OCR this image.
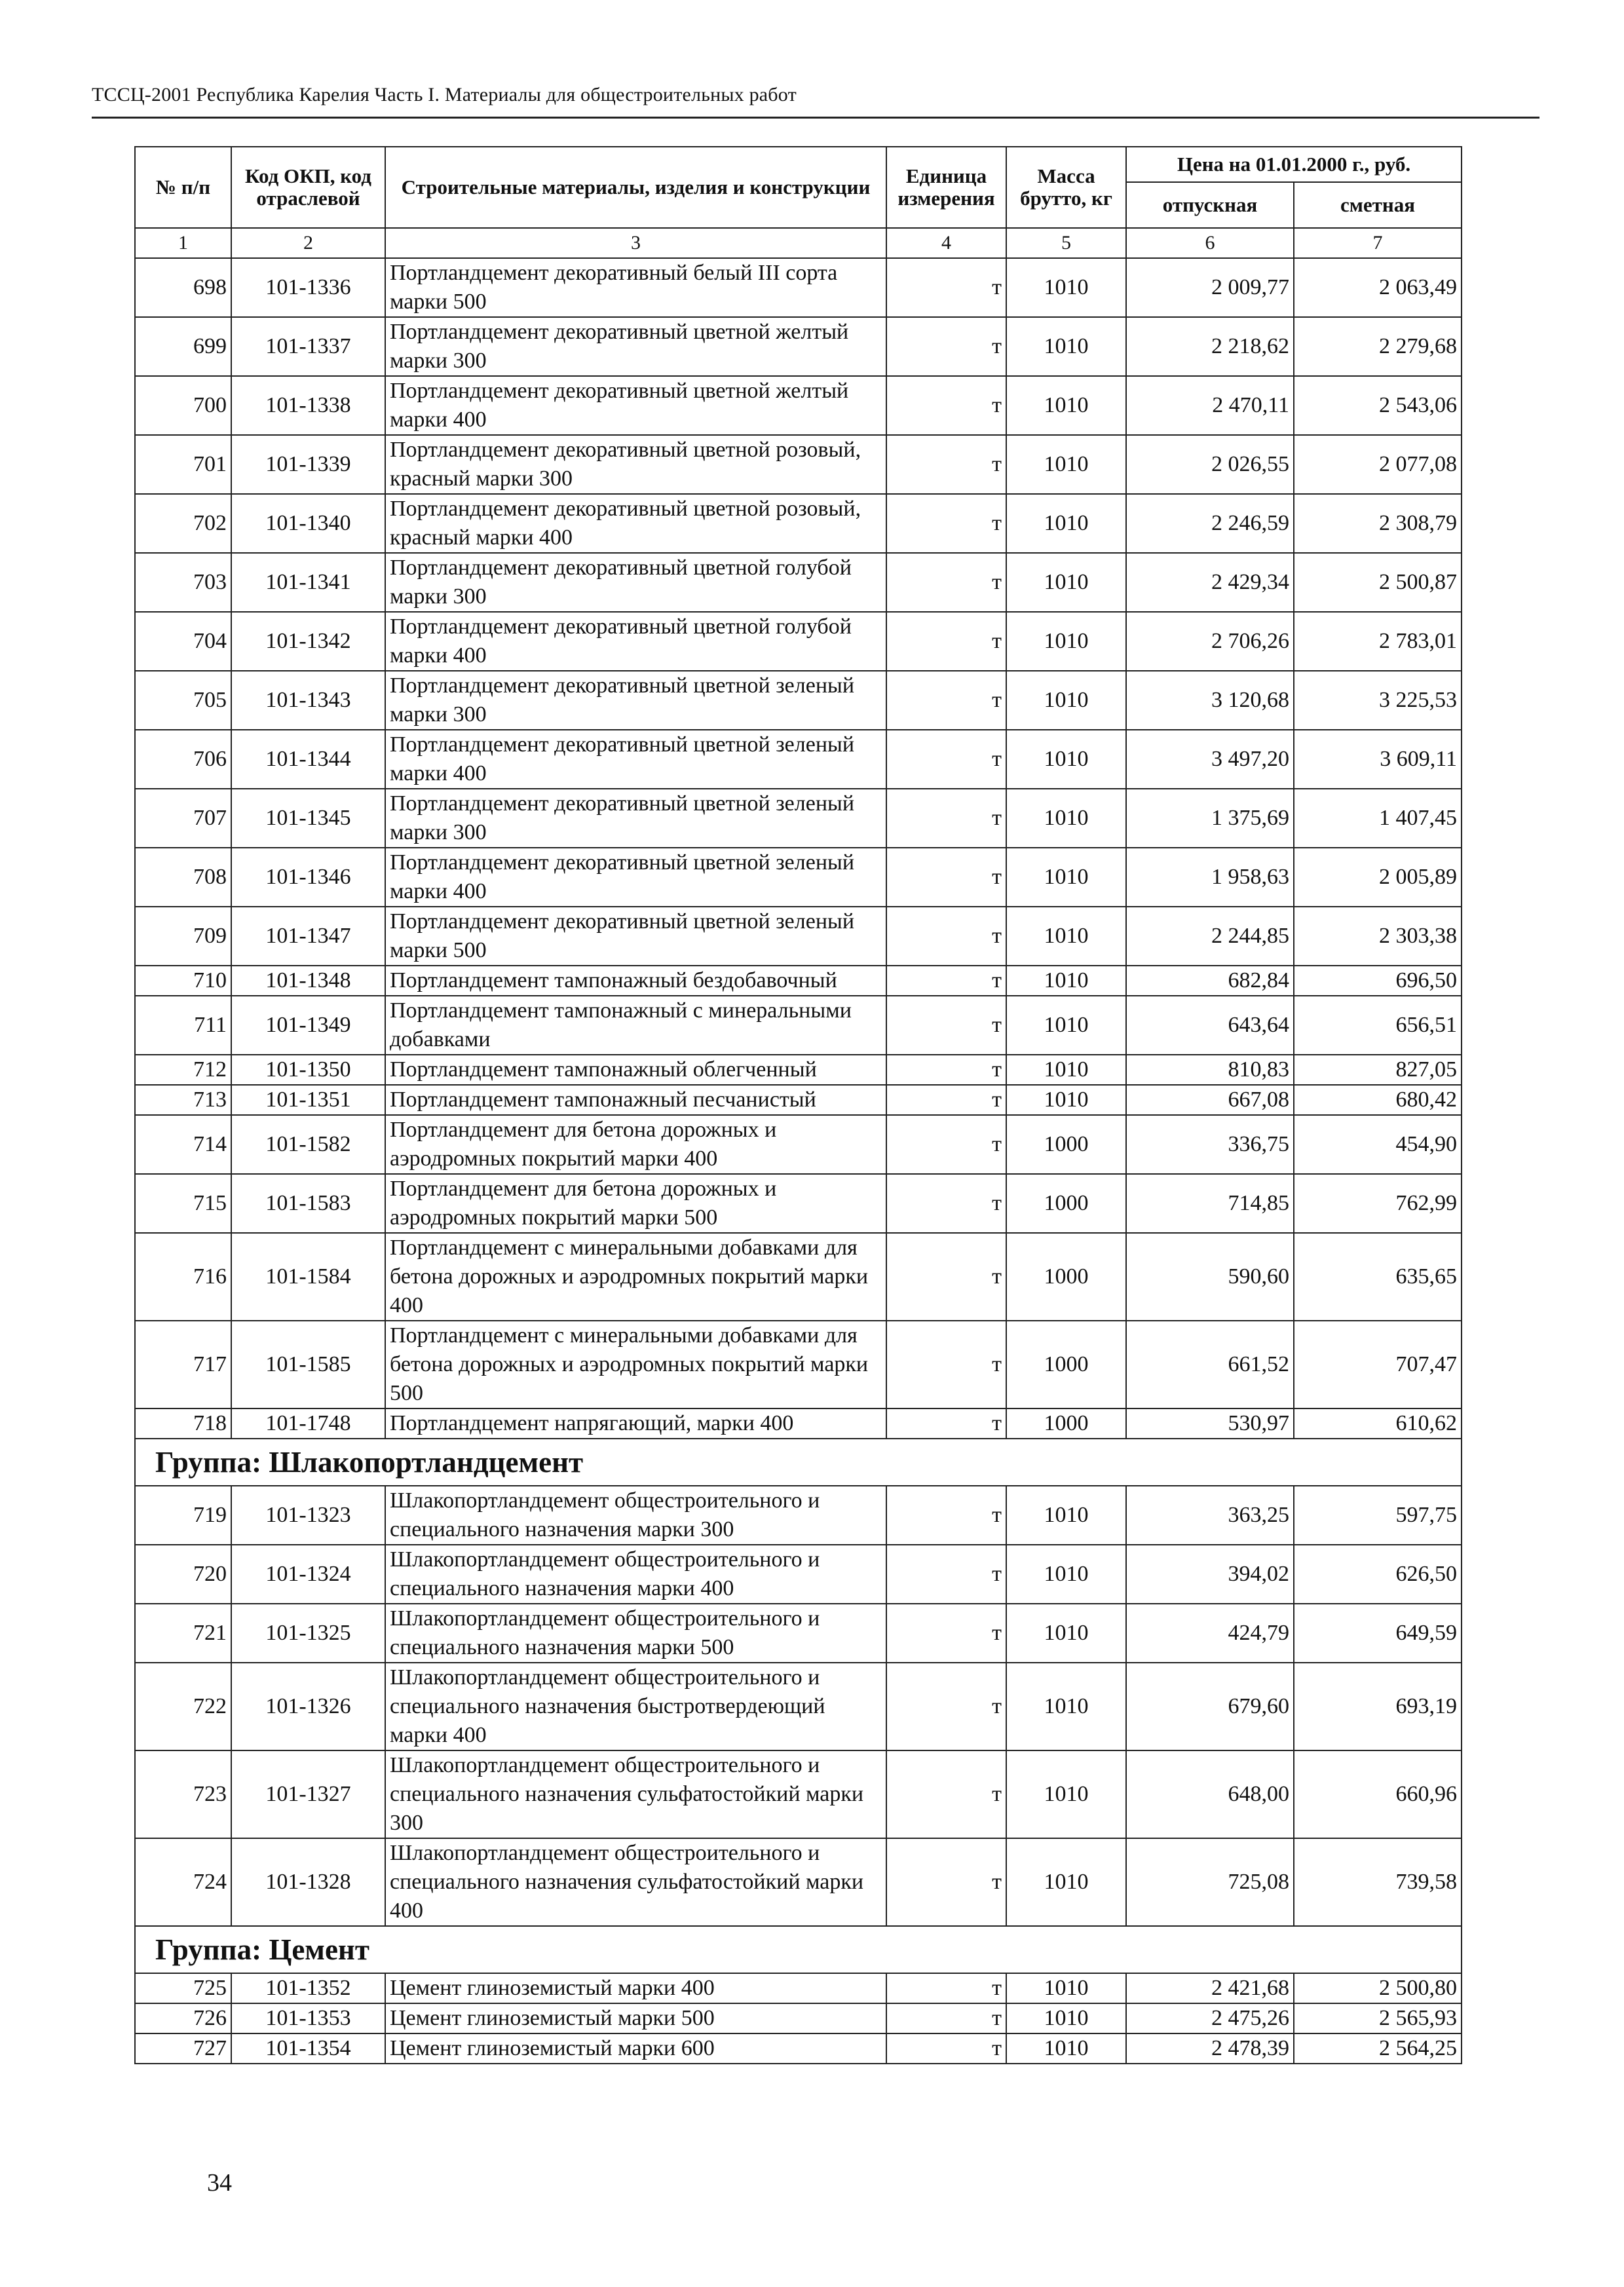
ТССЦ-2001 Республика Карелия Часть I. Материалы для общестроительных работ
№ п/п	Код ОКП, код отраслевой	Строительные материалы, изделия и конструкции	Единица измерения	Масса брутто, кг	Цена на 01.01.2000 г., руб.	
					отпускная	сметная
1	2	3	4	5	6	7
698	101-1336	Портландцемент декоративный белый III сорта марки 500	т	1010	2 009,77	2 063,49
699	101-1337	Портландцемент декоративный цветной желтый марки 300	т	1010	2 218,62	2 279,68
700	101-1338	Портландцемент декоративный цветной желтый марки 400	т	1010	2 470,11	2 543,06
701	101-1339	Портландцемент декоративный цветной розовый, красный марки 300	т	1010	2 026,55	2 077,08
702	101-1340	Портландцемент декоративный цветной розовый, красный марки 400	т	1010	2 246,59	2 308,79
703	101-1341	Портландцемент декоративный цветной голубой марки 300	т	1010	2 429,34	2 500,87
704	101-1342	Портландцемент декоративный цветной голубой марки 400	т	1010	2 706,26	2 783,01
705	101-1343	Портландцемент декоративный цветной зеленый марки 300	т	1010	3 120,68	3 225,53
706	101-1344	Портландцемент декоративный цветной зеленый марки 400	т	1010	3 497,20	3 609,11
707	101-1345	Портландцемент декоративный цветной зеленый марки 300	т	1010	1 375,69	1 407,45
708	101-1346	Портландцемент декоративный цветной зеленый марки 400	т	1010	1 958,63	2 005,89
709	101-1347	Портландцемент декоративный цветной зеленый марки 500	т	1010	2 244,85	2 303,38
710	101-1348	Портландцемент тампонажный бездобавочный	т	1010	682,84	696,50
711	101-1349	Портландцемент тампонажный с минеральными добавками	т	1010	643,64	656,51
712	101-1350	Портландцемент тампонажный облегченный	т	1010	810,83	827,05
713	101-1351	Портландцемент тампонажный песчанистый	т	1010	667,08	680,42
714	101-1582	Портландцемент для бетона дорожных и аэродромных покрытий марки 400	т	1000	336,75	454,90
715	101-1583	Портландцемент для бетона дорожных и аэродромных покрытий марки 500	т	1000	714,85	762,99
716	101-1584	Портландцемент с минеральными добавками для бетона дорожных и аэродромных покрытий марки 400	т	1000	590,60	635,65
717	101-1585	Портландцемент с минеральными добавками для бетона дорожных и аэродромных покрытий марки 500	т	1000	661,52	707,47
718	101-1748	Портландцемент напрягающий, марки 400	т	1000	530,97	610,62
Группа: Шлакопортландцемент						
719	101-1323	Шлакопортландцемент общестроительного и специального назначения марки 300	т	1010	363,25	597,75
720	101-1324	Шлакопортландцемент общестроительного и специального назначения марки 400	т	1010	394,02	626,50
721	101-1325	Шлакопортландцемент общестроительного и специального назначения марки 500	т	1010	424,79	649,59
722	101-1326	Шлакопортландцемент общестроительного и специального назначения быстротвердеющий марки 400	т	1010	679,60	693,19
723	101-1327	Шлакопортландцемент общестроительного и специального назначения сульфатостойкий марки 300	т	1010	648,00	660,96
724	101-1328	Шлакопортландцемент общестроительного и специального назначения сульфатостойкий марки 400	т	1010	725,08	739,58
Группа: Цемент						
725	101-1352	Цемент глиноземистый марки 400	т	1010	2 421,68	2 500,80
726	101-1353	Цемент глиноземистый марки 500	т	1010	2 475,26	2 565,93
727	101-1354	Цемент глиноземистый марки 600	т	1010	2 478,39	2 564,25
34
